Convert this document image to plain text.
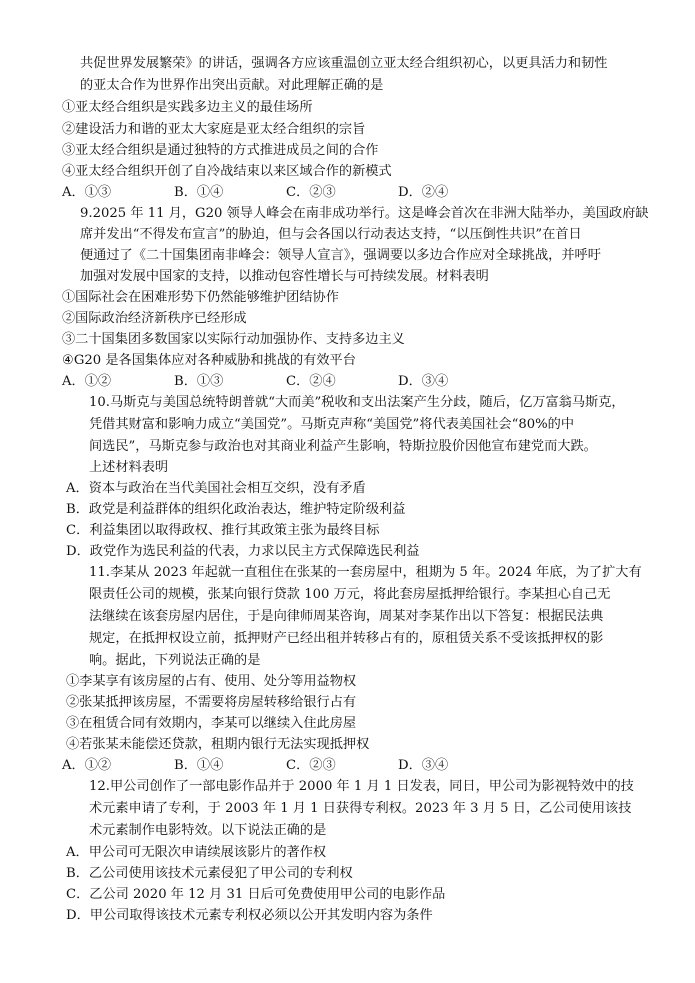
共促世界发展繁荣》的讲话，强调各方应该重温创立亚太经合组织初心，以更具活力和韧性
的亚太合作为世界作出突出贡献。对此理解正确的是
①亚太经合组织是实践多边主义的最佳场所
②建设活力和谐的亚太大家庭是亚太经合组织的宗旨
③亚太经合组织是通过独特的方式推进成员之间的合作
④亚太经合组织开创了自冷战结束以来区域合作的新模式
A．①③	B．①④	C．②③	D．②④
9.2025 年 11 月，G20 领导人峰会在南非成功举行。这是峰会首次在非洲大陆举办，美国政府缺
席并发出“不得发布宣言”的胁迫，但与会各国以行动表达支持，“以压倒性共识”在首日
便通过了《二十国集团南非峰会：领导人宣言》，强调要以多边合作应对全球挑战，并呼吁
加强对发展中国家的支持，以推动包容性增长与可持续发展。材料表明
①国际社会在困难形势下仍然能够维护团结协作
②国际政治经济新秩序已经形成
③二十国集团多数国家以实际行动加强协作、支持多边主义
④G20 是各国集体应对各种威胁和挑战的有效平台
A．①②	B．①③	C．②④	D．③④
10.马斯克与美国总统特朗普就“大而美”税收和支出法案产生分歧，随后，亿万富翁马斯克，
凭借其财富和影响力成立“美国党”。马斯克声称“美国党”将代表美国社会“80%的中
间选民”，马斯克参与政治也对其商业利益产生影响，特斯拉股价因他宣布建党而大跌。
上述材料表明
A．资本与政治在当代美国社会相互交织，没有矛盾
B．政党是利益群体的组织化政治表达，维护特定阶级利益
C．利益集团以取得政权、推行其政策主张为最终目标
D．政党作为选民利益的代表，力求以民主方式保障选民利益
11.李某从 2023 年起就一直租住在张某的一套房屋中，租期为 5 年。2024 年底，为了扩大有
限责任公司的规模，张某向银行贷款 100 万元，将此套房屋抵押给银行。李某担心自己无
法继续在该套房屋内居住，于是向律师周某咨询，周某对李某作出以下答复：根据民法典
规定，在抵押权设立前，抵押财产已经出租并转移占有的，原租赁关系不受该抵押权的影
响。据此，下列说法正确的是
①李某享有该房屋的占有、使用、处分等用益物权
②张某抵押该房屋，不需要将房屋转移给银行占有
③在租赁合同有效期内，李某可以继续入住此房屋
④若张某未能偿还贷款，租期内银行无法实现抵押权
A．①②	B．①④	C．②③	D．③④
12.甲公司创作了一部电影作品并于 2000 年 1 月 1 日发表，同日，甲公司为影视特效中的技
术元素申请了专利，于 2003 年 1 月 1 日获得专利权。2023 年 3 月 5 日，乙公司使用该技
术元素制作电影特效。以下说法正确的是
A．甲公司可无限次申请续展该影片的著作权
B．乙公司使用该技术元素侵犯了甲公司的专利权
C．乙公司 2020 年 12 月 31 日后可免费使用甲公司的电影作品
D．甲公司取得该技术元素专利权必须以公开其发明内容为条件
